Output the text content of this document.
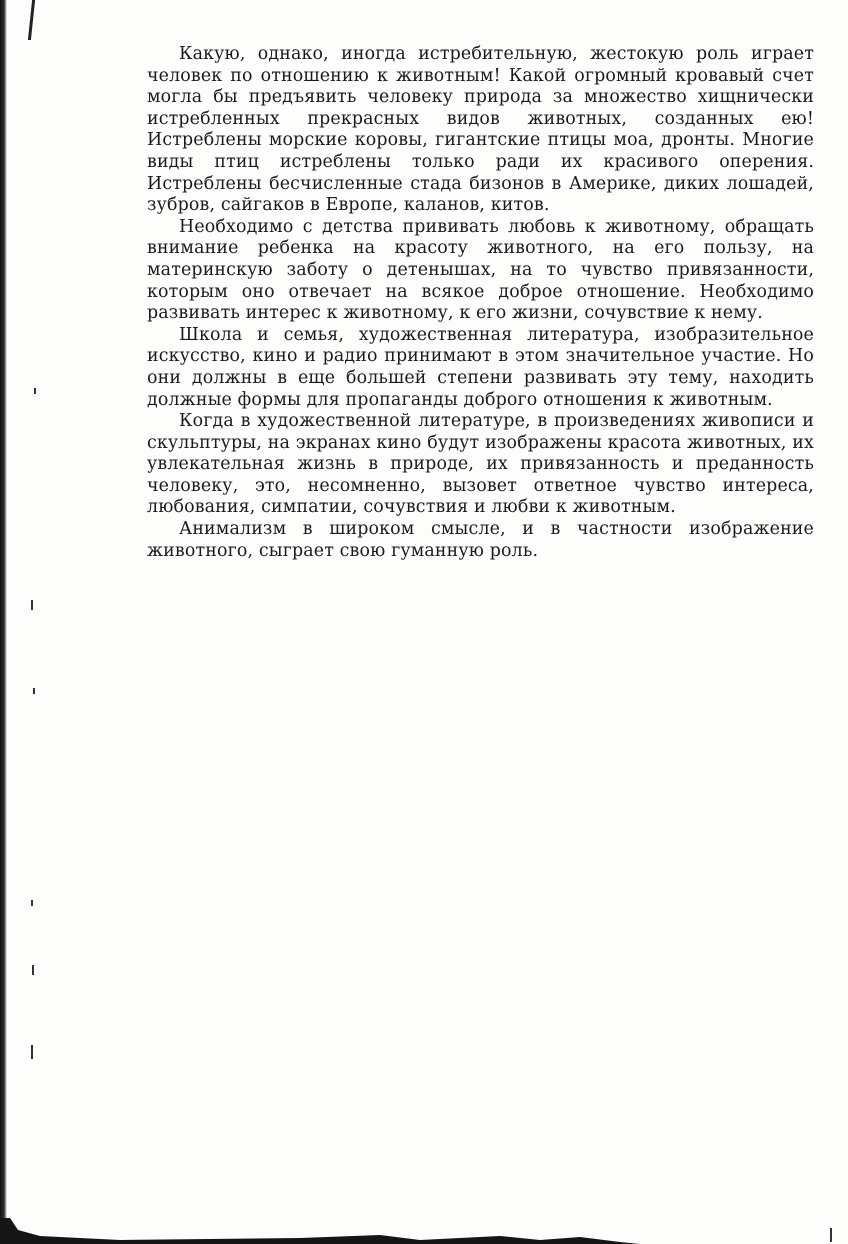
Какую, однако, иногда истребительную, жестокую роль играет человек по отношению к животным! Какой огромный кровавый счет могла бы предъявить человеку природа за множество хищнически истребленных прекрасных видов животных, созданных ею! Истреблены морские коровы, гигантские птицы моа, дронты. Многие виды птиц истреблены только ради их красивого оперения. Истреблены бесчисленные стада бизонов в Америке, диких лошадей, зубров, сайгаков в Европе, каланов, китов.

Необходимо с детства прививать любовь к животному, обращать внимание ребенка на красоту животного, на его пользу, на материнскую заботу о детенышах, на то чувство привязанности, которым оно отвечает на всякое доброе отношение. Необходимо развивать интерес к животному, к его жизни, сочувствие к нему.

Школа и семья, художественная литература, изобразительное искусство, кино и радио принимают в этом значительное участие. Но они должны в еще большей степени развивать эту тему, находить должные формы для пропаганды доброго отношения к животным.

Когда в художественной литературе, в произведениях живописи и скульптуры, на экранах кино будут изображены красота животных, их увлекательная жизнь в природе, их привязанность и преданность человеку, это, несомненно, вызовет ответное чувство интереса, любования, симпатии, сочувствия и любви к животным.

Анимализм в широком смысле, и в частности изображение животного, сыграет свою гуманную роль.
